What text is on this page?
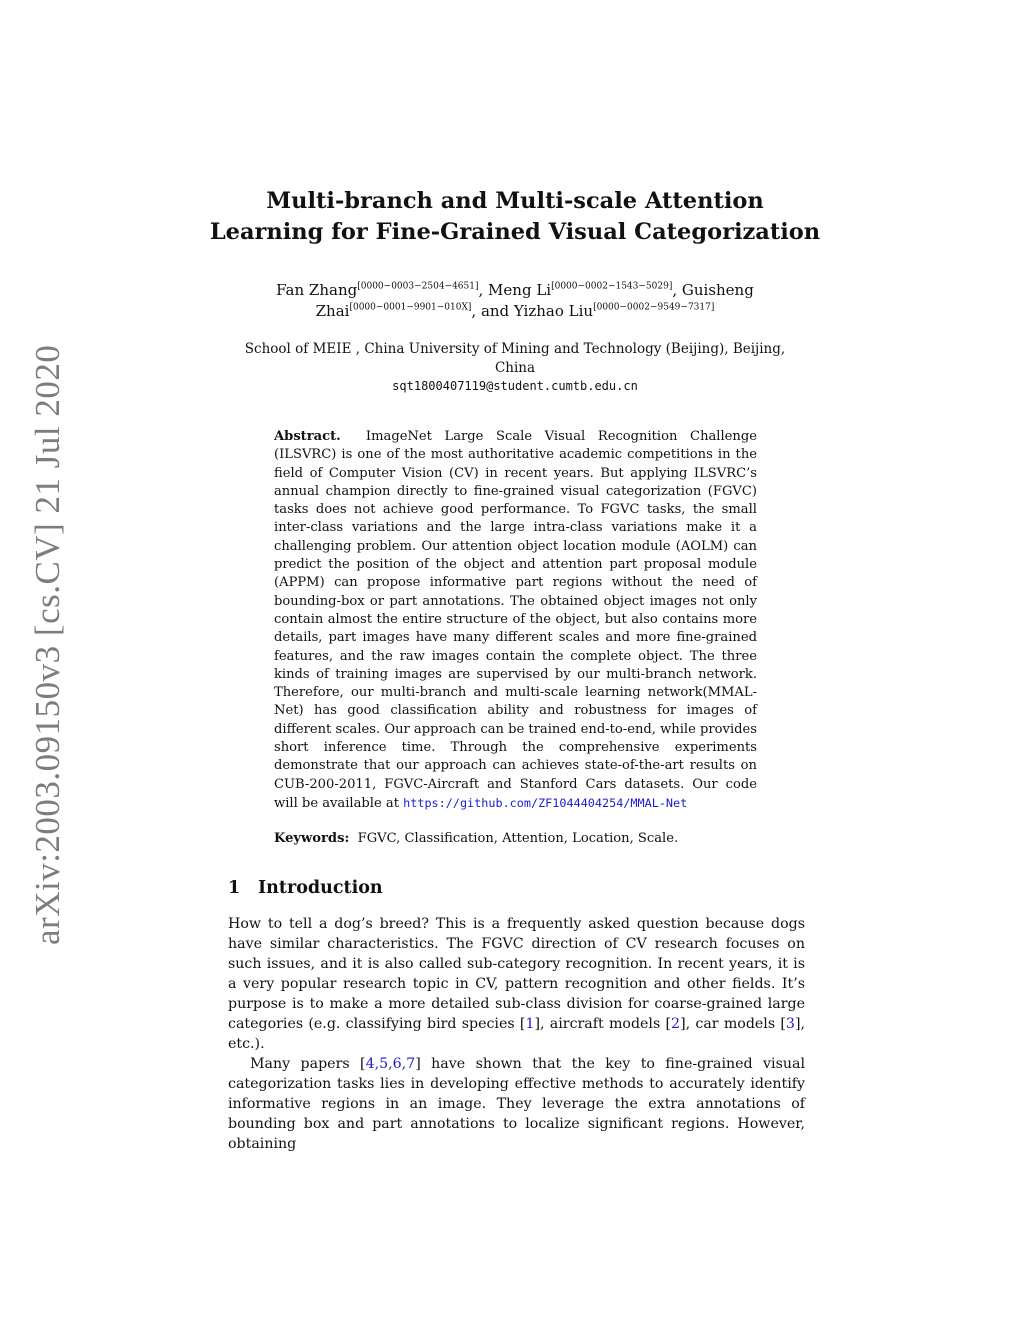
arXiv:2003.09150v3 [cs.CV] 21 Jul 2020
Multi-branch and Multi-scale Attention
Learning for Fine-Grained Visual Categorization
Fan Zhang[0000−0003−2504−4651], Meng Li[0000−0002−1543−5029], Guisheng
Zhai[0000−0001−9901−010X], and Yizhao Liu[0000−0002−9549−7317]
School of MEIE , China University of Mining and Technology (Beijing), Beijing,
China
sqt1800407119@student.cumtb.edu.cn
Abstract. ImageNet Large Scale Visual Recognition Challenge (ILSVRC) is one of the most authoritative academic competitions in the field of Computer Vision (CV) in recent years. But applying ILSVRC’s annual champion directly to fine-grained visual categorization (FGVC) tasks does not achieve good performance. To FGVC tasks, the small inter-class variations and the large intra-class variations make it a challenging problem. Our attention object location module (AOLM) can predict the position of the object and attention part proposal module (APPM) can propose informative part regions without the need of bounding-box or part annotations. The obtained object images not only contain almost the entire structure of the object, but also contains more details, part images have many different scales and more fine-grained features, and the raw images contain the complete object. The three kinds of training images are supervised by our multi-branch network. Therefore, our multi-branch and multi-scale learning network(MMAL-Net) has good classification ability and robustness for images of different scales. Our approach can be trained end-to-end, while provides short inference time. Through the comprehensive experiments demonstrate that our approach can achieves state-of-the-art results on CUB-200-2011, FGVC-Aircraft and Stanford Cars datasets. Our code will be available at https://github.com/ZF1044404254/MMAL-Net
Keywords: FGVC, Classification, Attention, Location, Scale.
1 Introduction

How to tell a dog’s breed? This is a frequently asked question because dogs have similar characteristics. The FGVC direction of CV research focuses on such issues, and it is also called sub-category recognition. In recent years, it is a very popular research topic in CV, pattern recognition and other fields. It’s purpose is to make a more detailed sub-class division for coarse-grained large categories (e.g. classifying bird species [1], aircraft models [2], car models [3], etc.).

Many papers [4,5,6,7] have shown that the key to fine-grained visual categorization tasks lies in developing effective methods to accurately identify informative regions in an image. They leverage the extra annotations of bounding box and part annotations to localize significant regions. However, obtaining
